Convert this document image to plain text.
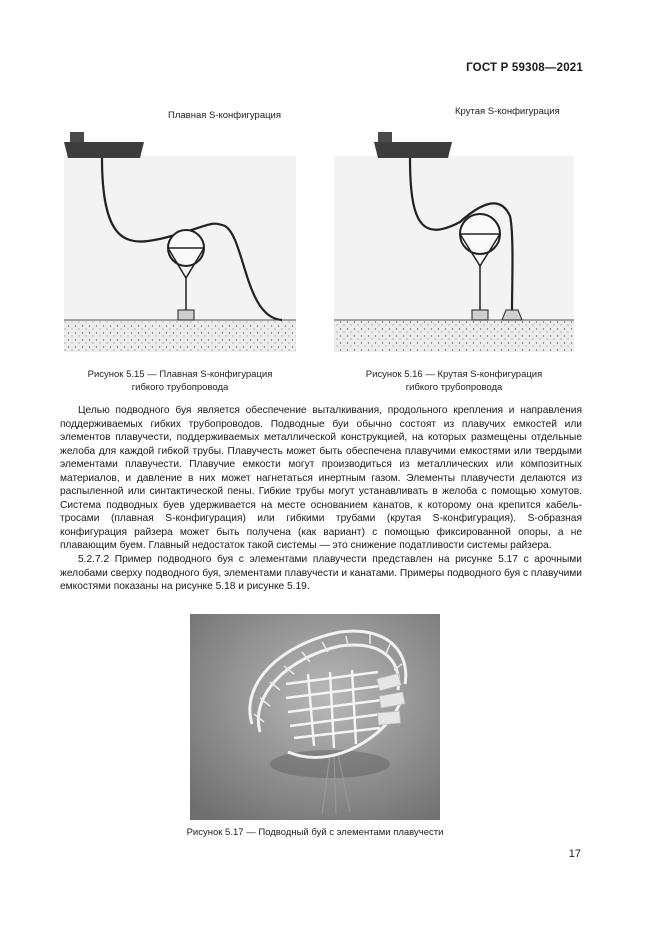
ГОСТ Р 59308—2021
Плавная S-конфигурация	Крутая S-конфигурация
Рисунок 5.15 — Плавная S-конфигурация
гибкого трубопровода
Рисунок 5.16 — Крутая S-конфигурация
гибкого трубопровода

Целью подводного буя является обеспечение выталкивания, продольного крепления и направления поддерживаемых гибких трубопроводов. Подводные буи обычно состоят из плавучих емкостей или элементов плавучести, поддерживаемых металлической конструкцией, на которых размещены отдельные желоба для каждой гибкой трубы. Плавучесть может быть обеспечена плавучими емкостями или твердыми элементами плавучести. Плавучие емкости могут производиться из металлических или композитных материалов, и давление в них может нагнетаться инертным газом. Элементы плавучести делаются из распыленной или синтактической пены. Гибкие трубы могут устанавливать в желоба с помощью хомутов. Система подводных буев удерживается на месте основанием канатов, к которому она крепится кабель-тросами (плавная S-конфигурация) или гибкими трубами (крутая S-конфигурация). S-образная конфигурация райзера может быть получена (как вариант) с помощью фиксированной опоры, а не плавающим буем. Главный недостаток такой системы — это снижение податливости системы райзера.

5.2.7.2 Пример подводного буя с элементами плавучести представлен на рисунке 5.17 с арочными желобами сверху подводного буя, элементами плавучести и канатами. Примеры подводного буя с плавучими емкостями показаны на рисунке 5.18 и рисунке 5.19.

Рисунок 5.17 — Подводный буй с элементами плавучести
17
